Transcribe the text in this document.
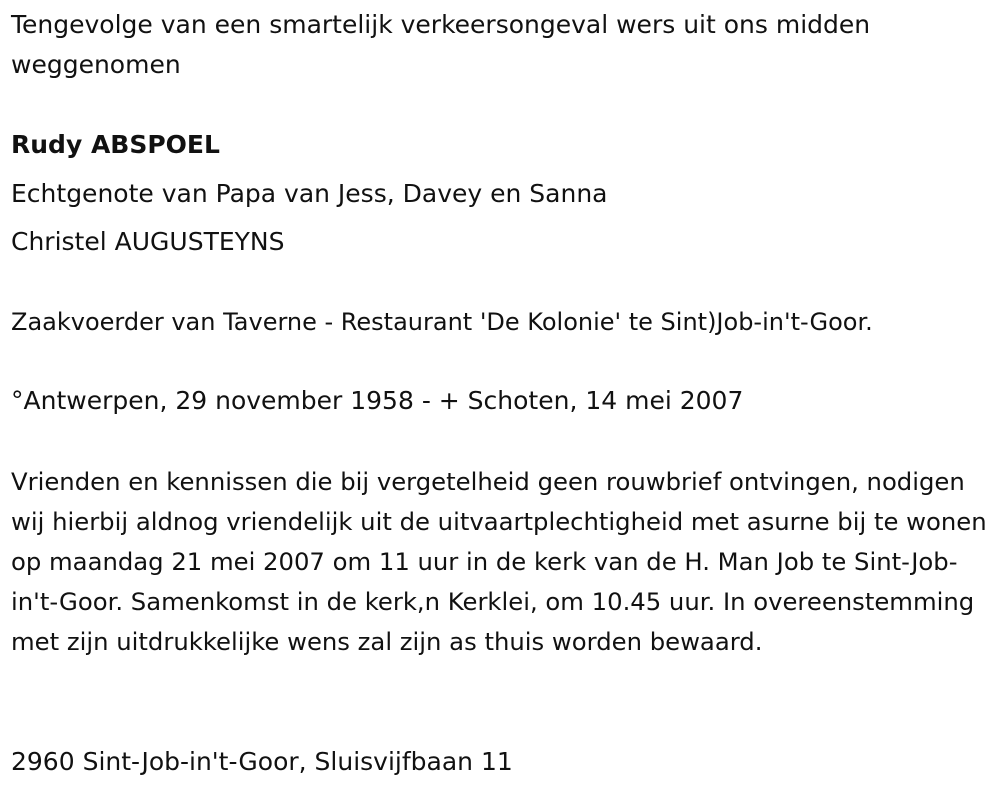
Tengevolge van een smartelijk verkeersongeval wers uit ons midden weggenomen
Rudy ABSPOEL
Echtgenote van Papa van Jess, Davey en Sanna
Christel AUGUSTEYNS
Zaakvoerder van Taverne - Restaurant 'De Kolonie' te Sint)Job-in't-Goor.
°Antwerpen, 29 november 1958 - + Schoten, 14 mei 2007
Vrienden en kennissen die bij vergetelheid geen rouwbrief ontvingen, nodigen wij hierbij aldnog vriendelijk uit de uitvaartplechtigheid met asurne bij te wonen op maandag 21 mei 2007 om 11 uur in de kerk van de H. Man Job te Sint-Job-in't-Goor. Samenkomst in de kerk,n Kerklei, om 10.45 uur. In overeenstemming met zijn uitdrukkelijke wens zal zijn as thuis worden bewaard.
2960 Sint-Job-in't-Goor, Sluisvijfbaan 11
